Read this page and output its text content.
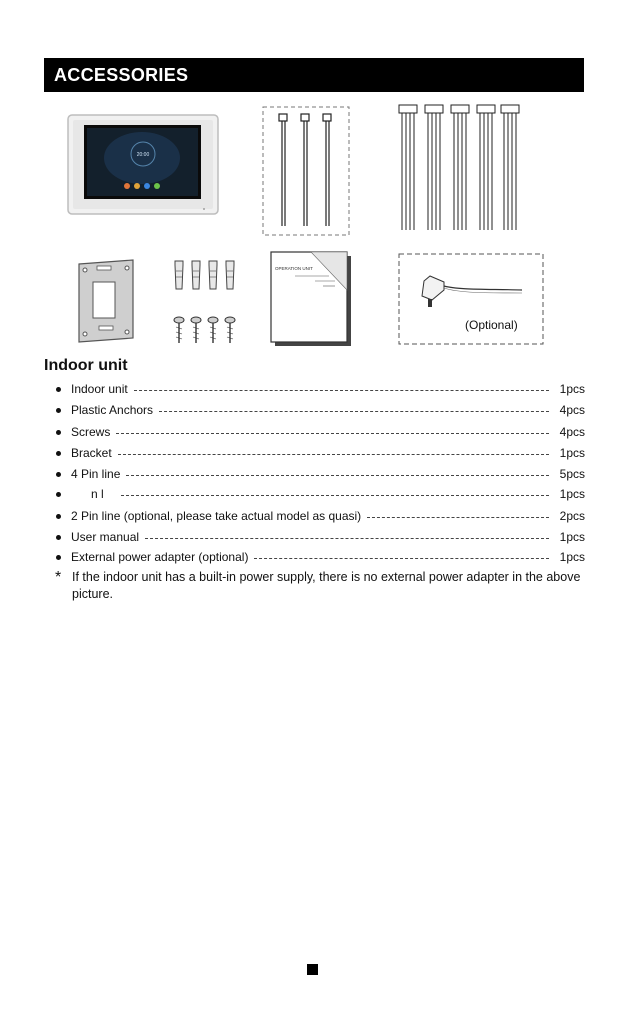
ACCESSORIES
20:00
OPERATION UNIT
(Optional)
Indoor unit
Indoor unit	1pcs
Plastic Anchors	4pcs
Screws	4pcs
Bracket	1pcs
4 Pin line	5pcs
n l	1pcs
2 Pin line (optional, please take actual model as quasi)	2pcs
User manual	1pcs
External power adapter (optional)	1pcs
* If the indoor unit has a built-in power supply, there is no external power adapter in the above picture.
